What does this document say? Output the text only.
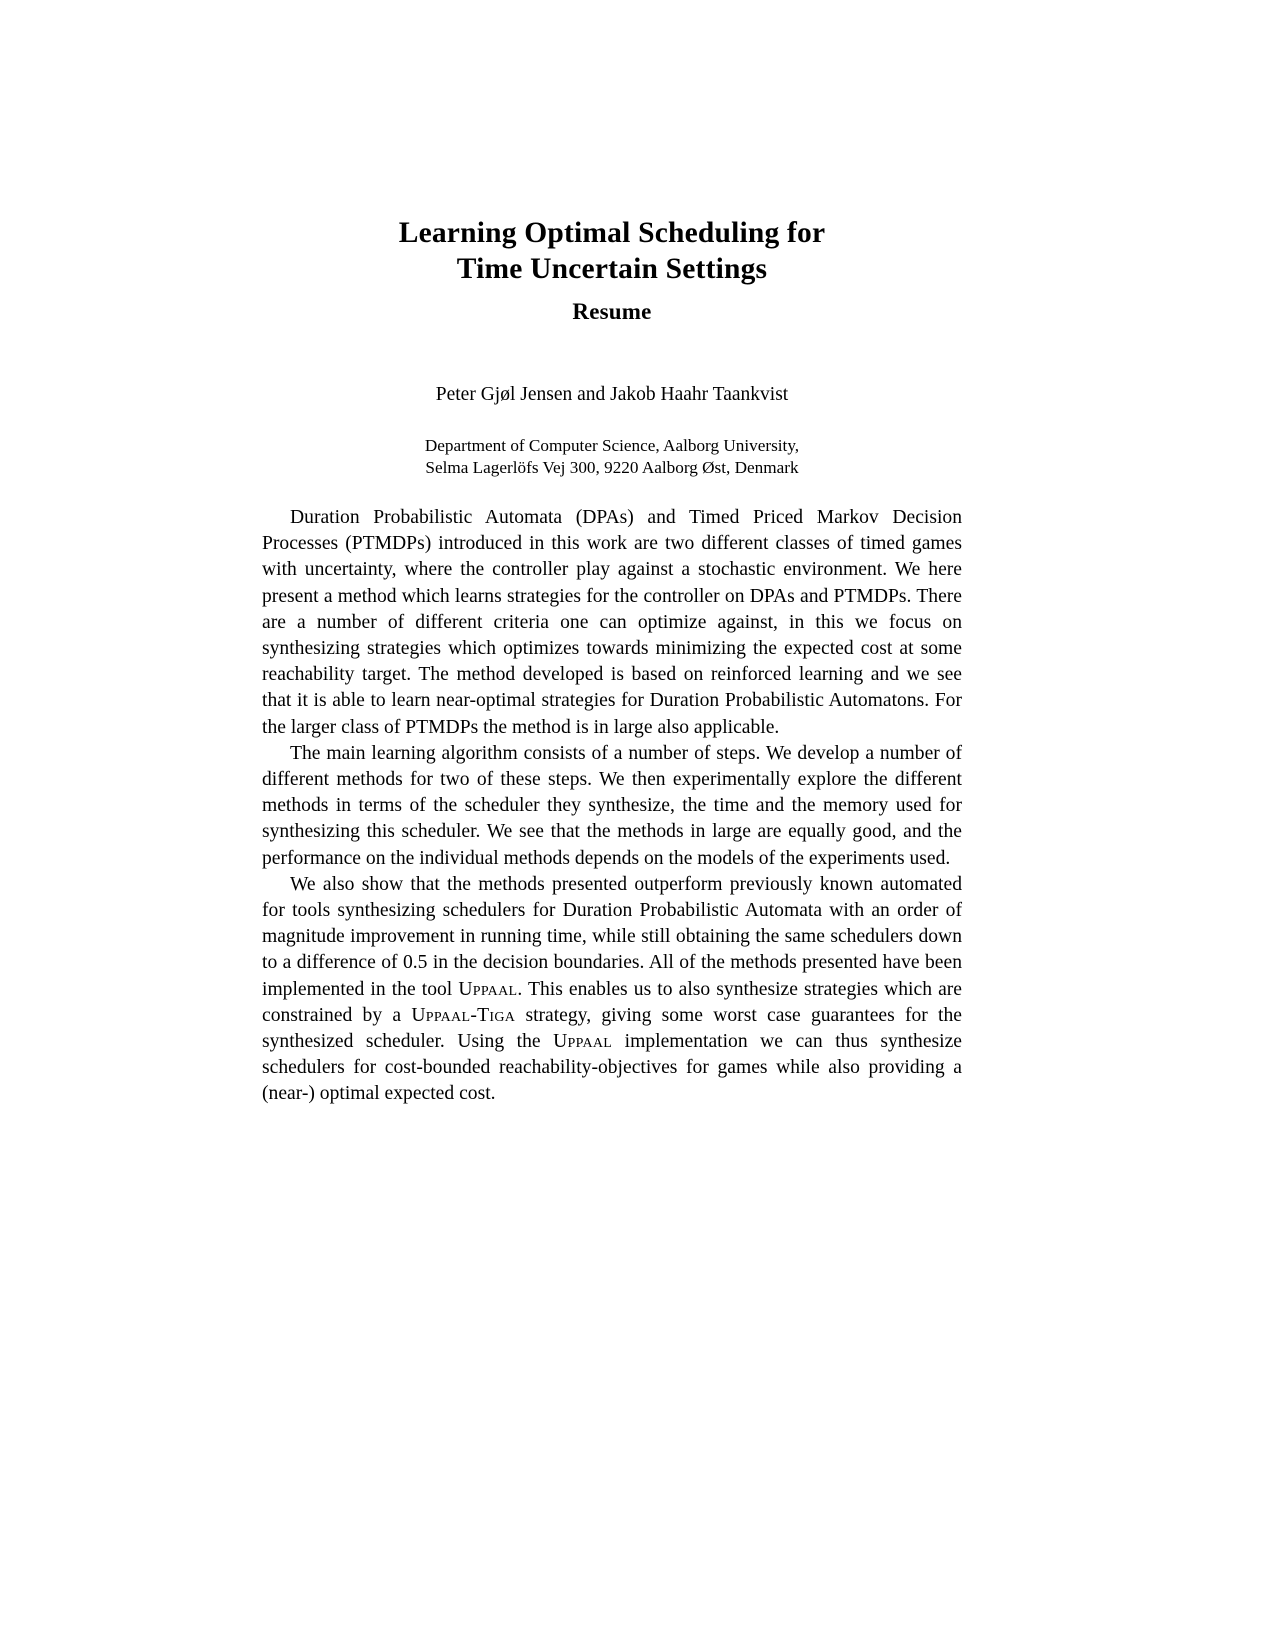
Learning Optimal Scheduling for
Time Uncertain Settings
Resume
Peter Gjøl Jensen and Jakob Haahr Taankvist
Department of Computer Science, Aalborg University,
Selma Lagerlöfs Vej 300, 9220 Aalborg Øst, Denmark

Duration Probabilistic Automata (DPAs) and Timed Priced Markov Decision Processes (PTMDPs) introduced in this work are two different classes of timed games with uncertainty, where the controller play against a stochastic environment. We here present a method which learns strategies for the controller on DPAs and PTMDPs. There are a number of different criteria one can optimize against, in this we focus on synthesizing strategies which optimizes towards minimizing the expected cost at some reachability target. The method developed is based on reinforced learning and we see that it is able to learn near-optimal strategies for Duration Probabilistic Automatons. For the larger class of PTMDPs the method is in large also applicable.

The main learning algorithm consists of a number of steps. We develop a number of different methods for two of these steps. We then experimentally explore the different methods in terms of the scheduler they synthesize, the time and the memory used for synthesizing this scheduler. We see that the methods in large are equally good, and the performance on the individual methods depends on the models of the experiments used.

We also show that the methods presented outperform previously known automated for tools synthesizing schedulers for Duration Probabilistic Automata with an order of magnitude improvement in running time, while still obtaining the same schedulers down to a difference of 0.5 in the decision boundaries. All of the methods presented have been implemented in the tool Uppaal. This enables us to also synthesize strategies which are constrained by a Uppaal-Tiga strategy, giving some worst case guarantees for the synthesized scheduler. Using the Uppaal implementation we can thus synthesize schedulers for cost-bounded reachability-objectives for games while also providing a (near-) optimal expected cost.
